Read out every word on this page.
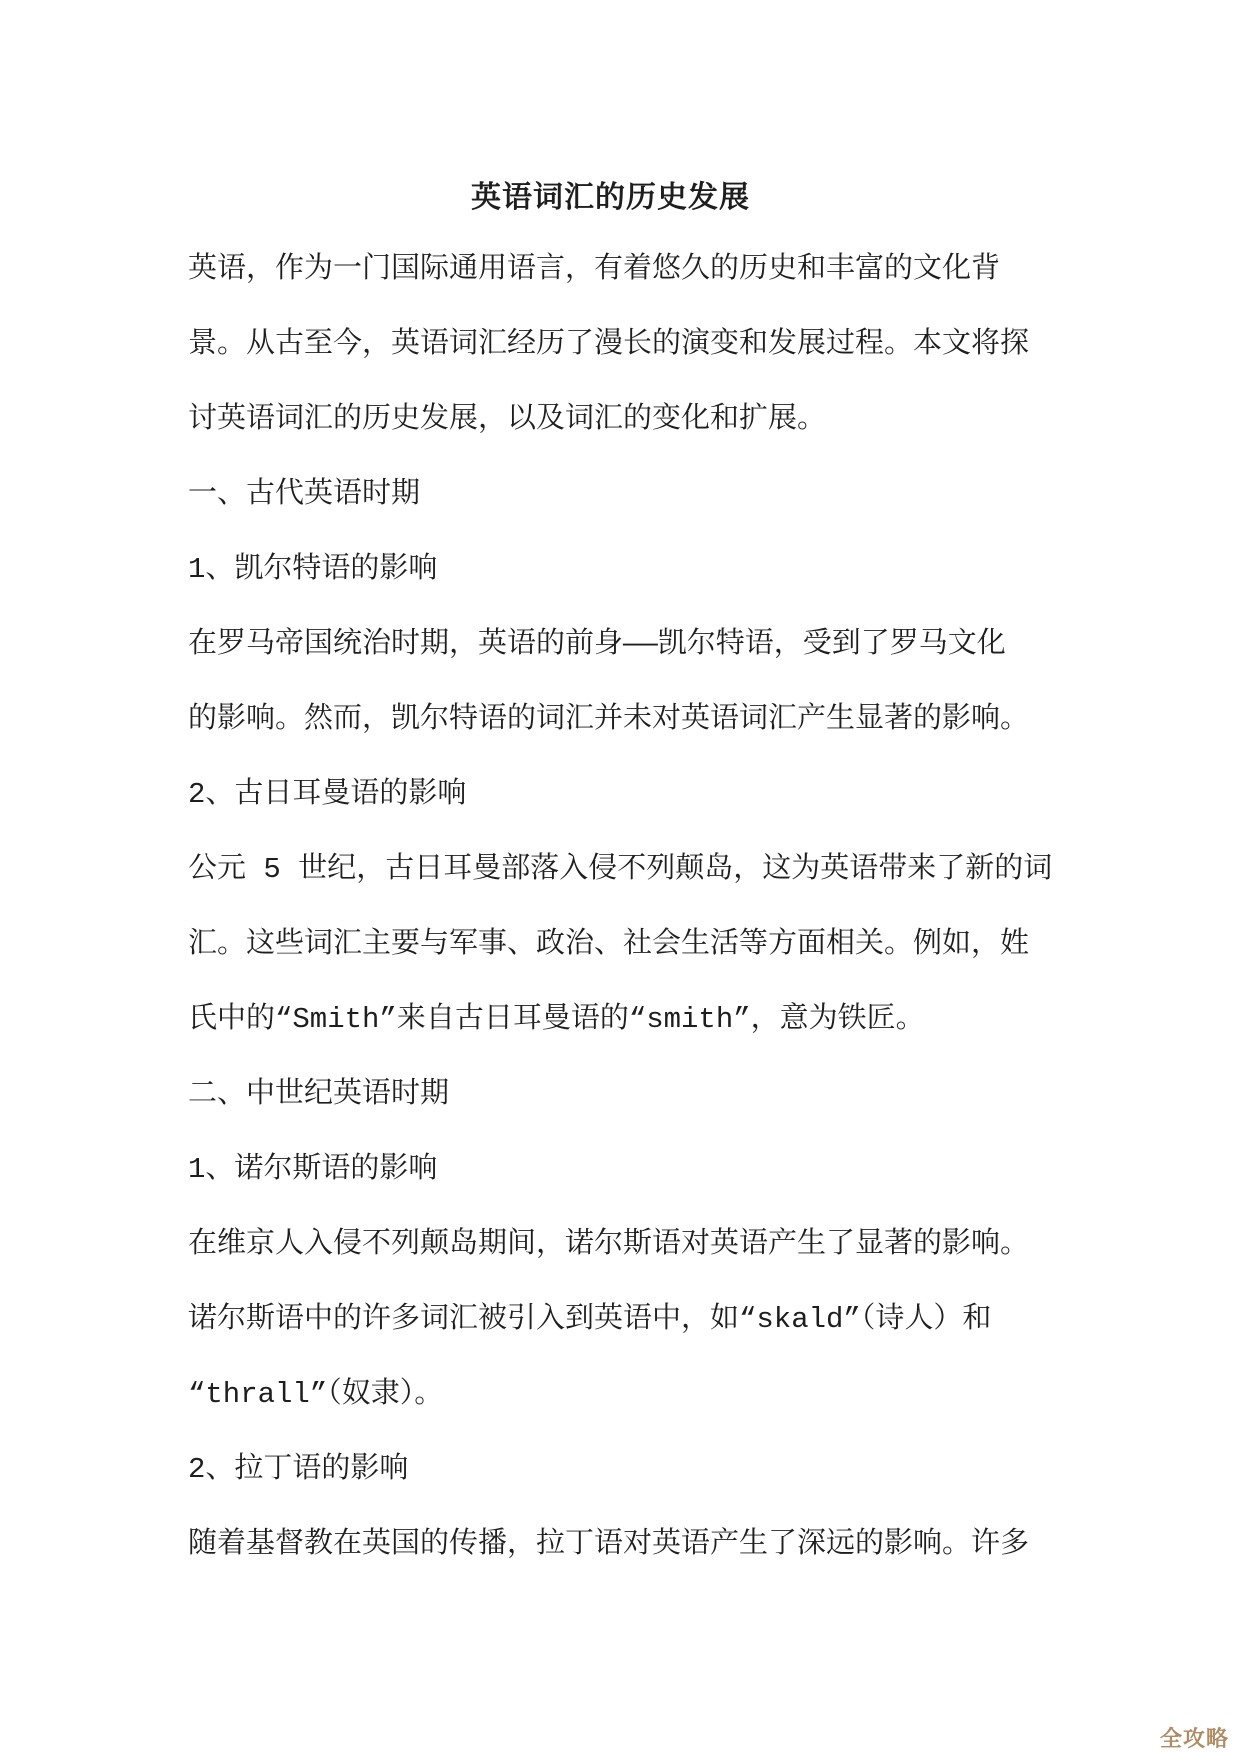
英语词汇的历史发展
英语，作为一门国际通用语言，有着悠久的历史和丰富的文化背
景。从古至今，英语词汇经历了漫长的演变和发展过程。本文将探
讨英语词汇的历史发展，以及词汇的变化和扩展。
一、古代英语时期
1、凯尔特语的影响
在罗马帝国统治时期，英语的前身——凯尔特语，受到了罗马文化
的影响。然而，凯尔特语的词汇并未对英语词汇产生显著的影响。
2、古日耳曼语的影响
公元 5 世纪，古日耳曼部落入侵不列颠岛，这为英语带来了新的词
汇。这些词汇主要与军事、政治、社会生活等方面相关。例如，姓
氏中的“Smith”来自古日耳曼语的“smith”，意为铁匠。
二、中世纪英语时期
1、诺尔斯语的影响
在维京人入侵不列颠岛期间，诺尔斯语对英语产生了显著的影响。
诺尔斯语中的许多词汇被引入到英语中，如“skald”（诗人）和
“thrall”（奴隶）。
2、拉丁语的影响
随着基督教在英国的传播，拉丁语对英语产生了深远的影响。许多
全攻略
